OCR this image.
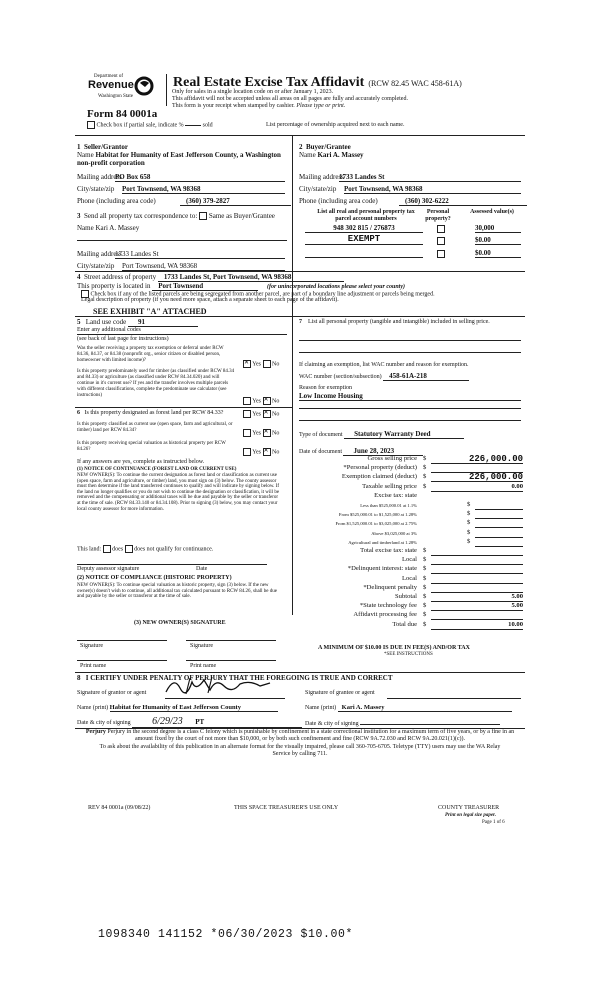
Department of
Revenue
Washington State
Real Estate Excise Tax Affidavit (RCW 82.45 WAC 458-61A)
Only for sales in a single location code on or after January 1, 2023.
This affidavit will not be accepted unless all areas on all pages are fully and accurately completed.
This form is your receipt when stamped by cashier. Please type or print.
Form 84 0001a
Check box if partial sale, indicate %	sold	List percentage of ownership acquired next to each name.
1 Seller/Grantor
Name Habitat for Humanity of East Jefferson County, a Washington non-profit corporation
Mailing address
PO Box 658
City/state/zip Port Townsend, WA 98368
Phone (including area code)	(360) 379-2827
2 Buyer/Grantee
Name Kari A. Massey
Mailing address
1733 Landes St
City/state/zip Port Townsend, WA 98368
Phone (including area code)	(360) 302-6222
3 Send all property tax correspondence to: Same as Buyer/Grantee
Name Kari A. Massey
Mailing address
1733 Landes St
City/state/zip Port Townsend, WA 98368
List all real and personal property tax parcel account numbers
Personal property?
Assessed value(s)
948 302 815 / 276873	30,000
EXEMPT	$0.00
$0.00
4 Street address of property 1733 Landes St, Port Townsend, WA 98368
This property is located in Port Townsend	(for unincorporated locations please select your county)
Check box if any of the listed parcels are being segregated from another parcel, are part of a boundary line adjustment or parcels being merged.
Legal description of property (if you need more space, attach a separate sheet to each page of the affidavit).
SEE EXHIBIT "A" ATTACHED
5 Land use code 91
Enter any additional codes
(see back of last page for instructions)
Was the seller receiving a property tax exemption or deferral under RCW 84.36, 84.37, or 84.38 (nonprofit org., senior citizen or disabled person, homeowner with limited income)?
✕ Yes No
Is this property predominately used for timber (as classified under RCW 84.34 and 84.33) or agriculture (as classified under RCW 84.34.020) and will continue in it's current use? If yes and the transfer involves multiple parcels with different classifications, complete the predominate use calculator (see instructions)
Yes ✕ No
6 Is this property designated as forest land per RCW 84.33?	Yes ✕ No
Is this property classified as current use (open space, farm and agricultural, or timber) land per RCW 84.34?	Yes ✕ No
Is this property receiving special valuation as historical property per RCW 84.26?	Yes ✕ No
If any answers are yes, complete as instructed below.
(1) NOTICE OF CONTINUANCE (FOREST LAND OR CURRENT USE)
NEW OWNER(S): To continue the current designation as forest land or classification as current use (open space, farm and agriculture, or timber) land, you must sign on (3) below. The county assessor must then determine if the land transferred continues to qualify and will indicate by signing below. If the land no longer qualifies or you do not wish to continue the designation or classification, it will be removed and the compensating or additional taxes will be due and payable by the seller or transferor at the time of sale. (RCW 84.33.140 or 84.34.108). Prior to signing (3) below, you may contact your local county assessor for more information.
This land: does does not qualify for continuance.
Deputy assessor signature	Date
(2) NOTICE OF COMPLIANCE (HISTORIC PROPERTY)
NEW OWNER(S): To continue special valuation as historic property, sign (3) below. If the new owner(s) doesn't wish to continue, all additional tax calculated pursuant to RCW 84.26, shall be due and payable by the seller or transferor at the time of sale.
(3) NEW OWNER(S) SIGNATURE
Signature	Signature
Print name	Print name
7 List all personal property (tangible and intangible) included in selling price.
If claiming an exemption, list WAC number and reason for exemption.
WAC number (section/subsection) 458-61A-218
Reason for exemption
Low Income Housing
Type of document Statutory Warranty Deed
Date of document June 28, 2023
Gross selling price $	226,000.00
*Personal property (deduct) $
Exemption claimed (deduct) $	226,000.00
Taxable selling price $	0.00
Excise tax: state
Less than $525,000.01 at 1.1%	$
From $525,000.01 to $1,525,000 at 1.28%	$
From $1,525,000.01 to $3,025,000 at 2.75%	$
Above $3,025,000 at 3%	$
Agricultural and timberland at 1.28%	$
Total excise tax: state $
Local $
*Delinquent interest: state $
Local $
*Delinquent penalty $
Subtotal $	5.00
*State technology fee $	5.00
Affidavit processing fee $
Total due $	10.00
A MINIMUM OF $10.00 IS DUE IN FEE(S) AND/OR TAX
*SEE INSTRUCTIONS
8 I CERTIFY UNDER PENALTY OF PERJURY THAT THE FOREGOING IS TRUE AND CORRECT
Signature of grantor or agent	Signature of grantee or agent
Name (print) Habitat for Humanity of East Jefferson County	Name (print) Kari A. Massey
Date & city of signing 6/29/23 PT	Date & city of signing
Perjury Perjury in the second degree is a class C felony which is punishable by confinement in a state correctional institution for a maximum term of five years, or by a fine in an amount fixed by the court of not more than $10,000, or by both such confinement and fine (RCW 9A.72.030 and RCW 9A.20.021(1)(c)).
To ask about the availability of this publication in an alternate format for the visually impaired, please call 360-705-6705. Teletype (TTY) users may use the WA Relay Service by calling 711.
REV 84 0001a (09/08/22)	THIS SPACE TREASURER'S USE ONLY	COUNTY TREASURER
Print on legal size paper.
Page 1 of 6
1098340 141152 *06/30/2023 $10.00*
